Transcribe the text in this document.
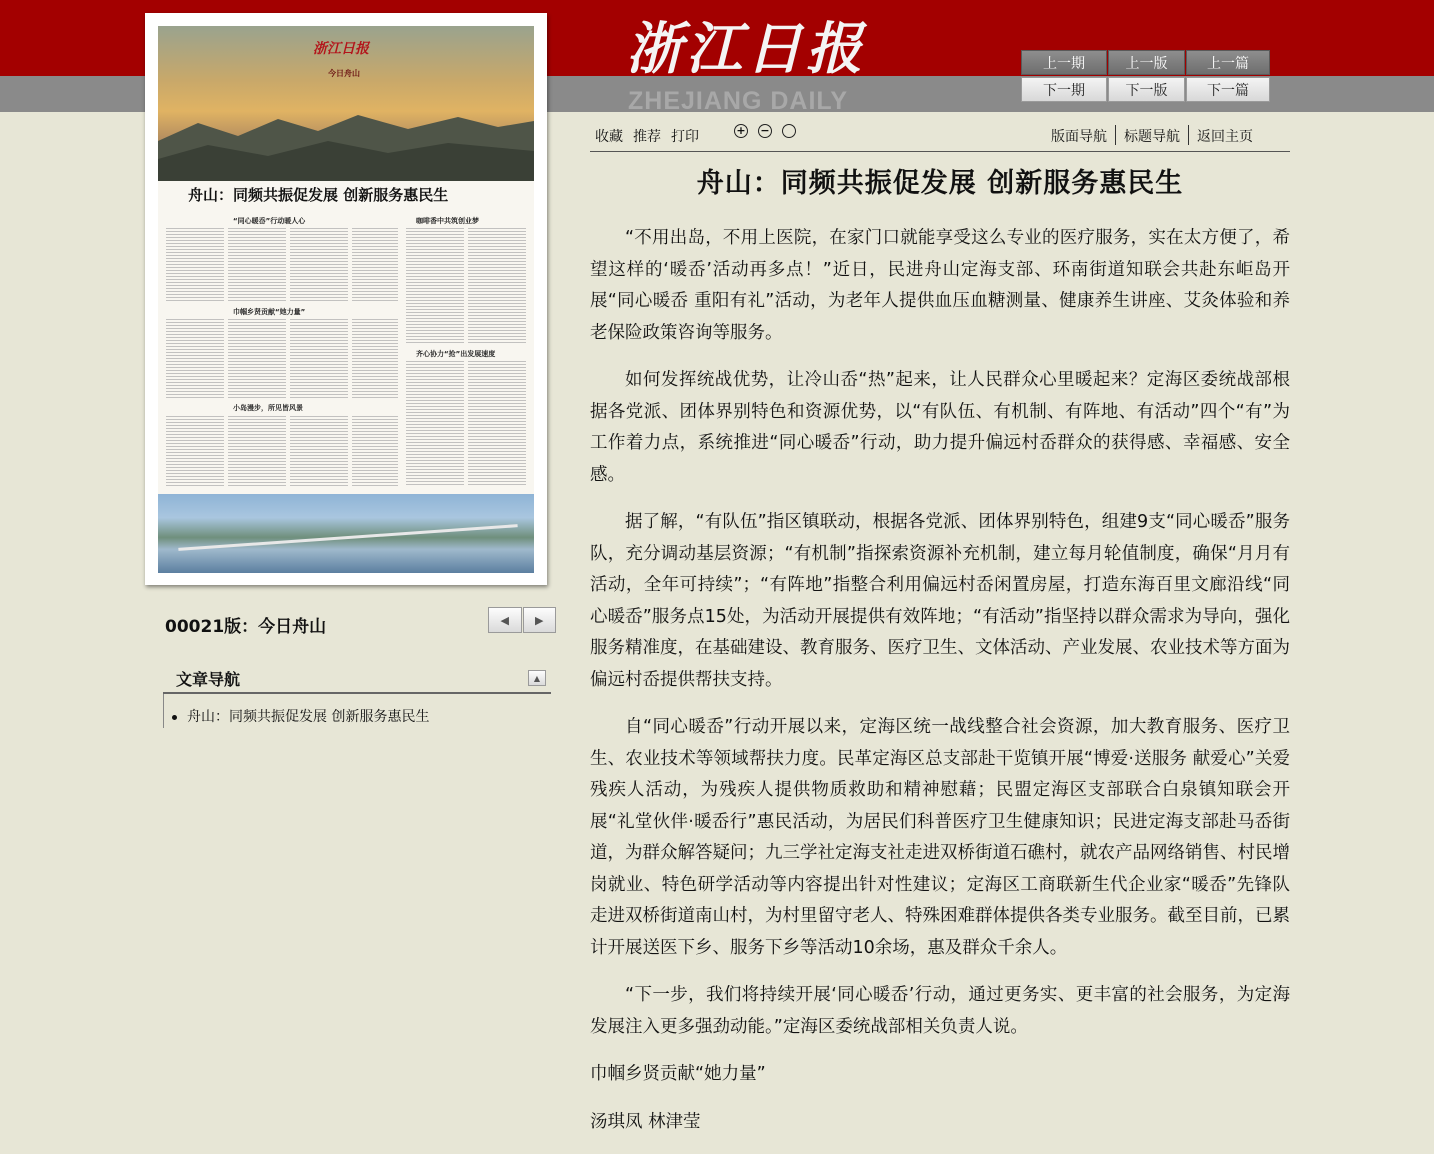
浙江日报
ZHEJIANG DAILY
上一期	上一版	上一篇
下一期	下一版	下一篇
浙江日报
今日舟山
舟山：同频共振促发展 创新服务惠民生
“同心暖岙”行动暖人心	咖啡香中共筑创业梦
巾帼乡贤贡献“她力量”
齐心协力“抢”出发展速度
小岛漫步，所见皆风景
00021版：今日舟山	◀ ▶
文章导航	▲
舟山：同频共振促发展 创新服务惠民生
收藏 推荐 打印	+ −	版面导航 标题导航 返回主页
舟山：同频共振促发展 创新服务惠民生

“不用出岛，不用上医院，在家门口就能享受这么专业的医疗服务，实在太方便了，希望这样的‘暖岙’活动再多点！”近日，民进舟山定海支部、环南街道知联会共赴东岠岛开展“同心暖岙 重阳有礼”活动，为老年人提供血压血糖测量、健康养生讲座、艾灸体验和养老保险政策咨询等服务。

如何发挥统战优势，让冷山岙“热”起来，让人民群众心里暖起来？定海区委统战部根据各党派、团体界别特色和资源优势，以“有队伍、有机制、有阵地、有活动”四个“有”为工作着力点，系统推进“同心暖岙”行动，助力提升偏远村岙群众的获得感、幸福感、安全感。

据了解，“有队伍”指区镇联动，根据各党派、团体界别特色，组建9支“同心暖岙”服务队，充分调动基层资源；“有机制”指探索资源补充机制，建立每月轮值制度，确保“月月有活动，全年可持续”；“有阵地”指整合利用偏远村岙闲置房屋，打造东海百里文廊沿线“同心暖岙”服务点15处，为活动开展提供有效阵地；“有活动”指坚持以群众需求为导向，强化服务精准度，在基础建设、教育服务、医疗卫生、文体活动、产业发展、农业技术等方面为偏远村岙提供帮扶支持。

自“同心暖岙”行动开展以来，定海区统一战线整合社会资源，加大教育服务、医疗卫生、农业技术等领域帮扶力度。民革定海区总支部赴干览镇开展“博爱·送服务 献爱心”关爱残疾人活动，为残疾人提供物质救助和精神慰藉；民盟定海区支部联合白泉镇知联会开展“礼堂伙伴·暖岙行”惠民活动，为居民们科普医疗卫生健康知识；民进定海支部赴马岙街道，为群众解答疑问；九三学社定海支社走进双桥街道石礁村，就农产品网络销售、村民增岗就业、特色研学活动等内容提出针对性建议；定海区工商联新生代企业家“暖岙”先锋队走进双桥街道南山村，为村里留守老人、特殊困难群体提供各类专业服务。截至目前，已累计开展送医下乡、服务下乡等活动10余场，惠及群众千余人。

“下一步，我们将持续开展‘同心暖岙’行动，通过更务实、更丰富的社会服务，为定海发展注入更多强劲动能。”定海区委统战部相关负责人说。

巾帼乡贤贡献“她力量”

汤琪凤 林津莹
